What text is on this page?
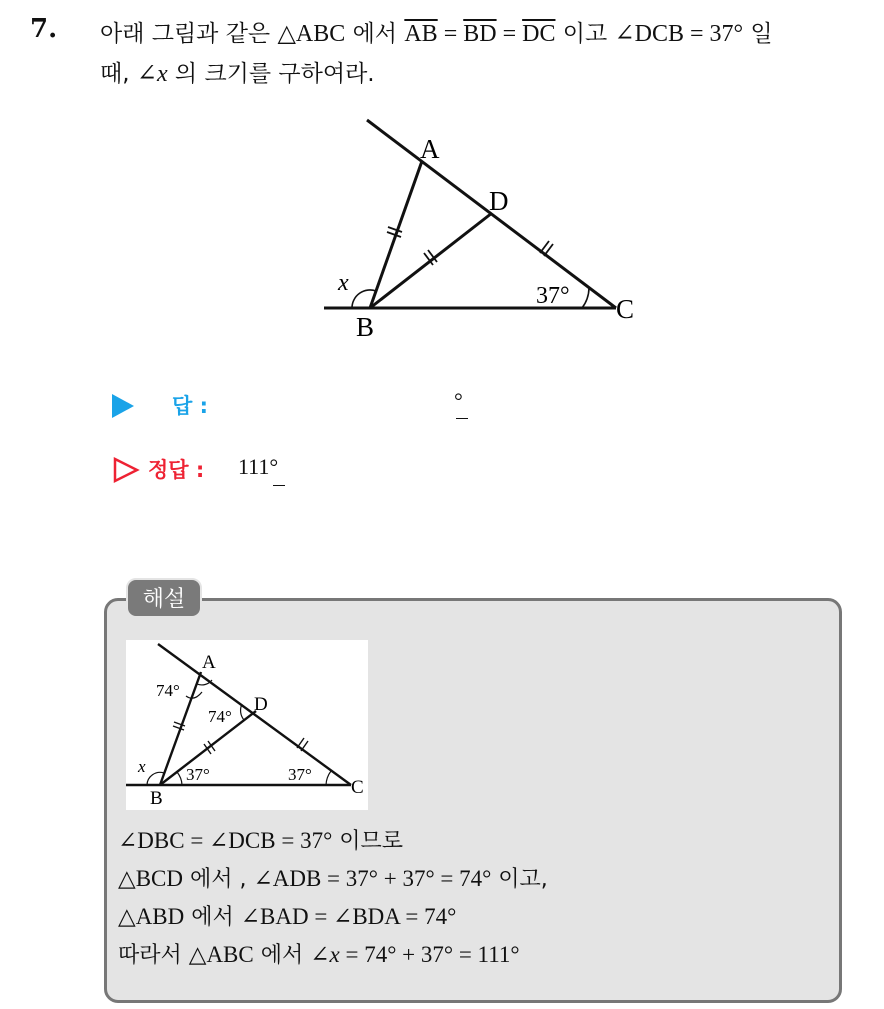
7. 아래 그림과 같은 △ABC 에서 $\overline{AB} = \overline{BD} = \overline{DC}$ 이고 ∠DCB = 37° 일
때, ∠x 의 크기를 구하여라.
A
D
B
C
x	37°
답 :	°
정답 : 111°
해설
A
D
B
C
x
74°
74°
37°	37°
∠DBC = ∠DCB = 37° 이므로
△BCD 에서 , ∠ADB = 37° + 37° = 74° 이고,
△ABD 에서 ∠BAD = ∠BDA = 74°
따라서 △ABC 에서 ∠x = 74° + 37° = 111°
